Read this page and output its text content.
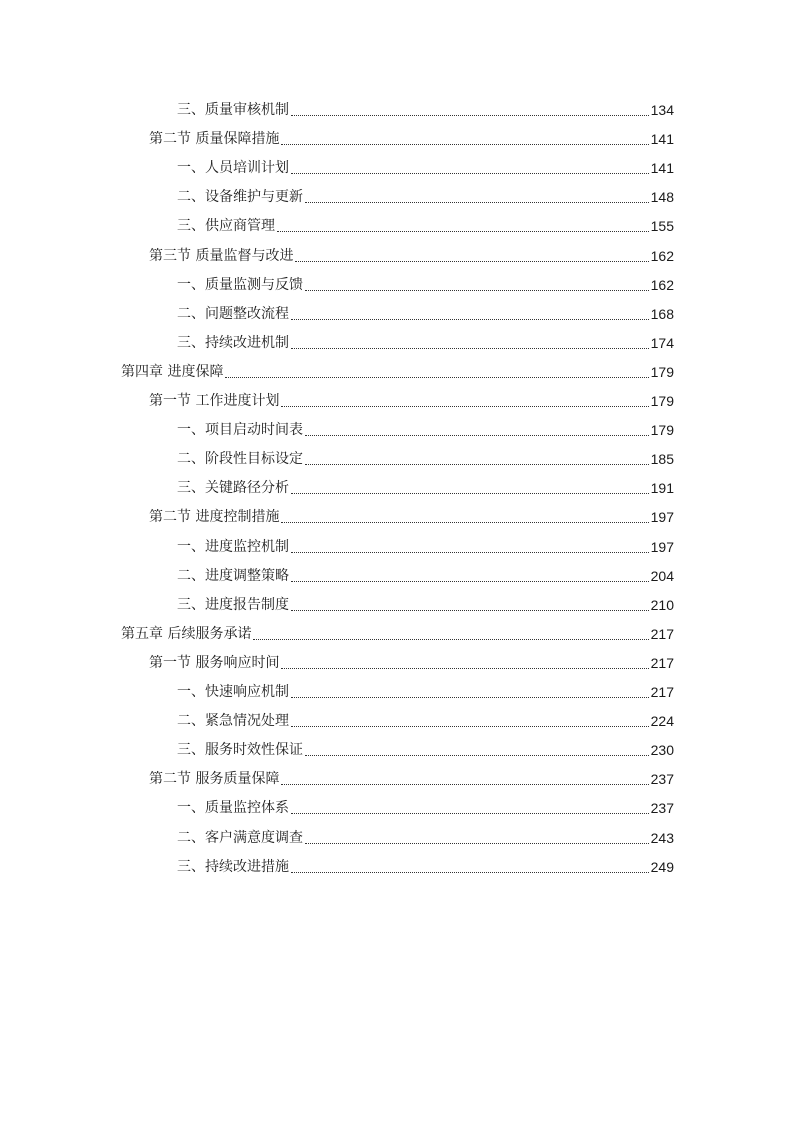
三、质量审核机制	134
第二节 质量保障措施	141
一、人员培训计划	141
二、设备维护与更新	148
三、供应商管理	155
第三节 质量监督与改进	162
一、质量监测与反馈	162
二、问题整改流程	168
三、持续改进机制	174
第四章 进度保障	179
第一节 工作进度计划	179
一、项目启动时间表	179
二、阶段性目标设定	185
三、关键路径分析	191
第二节 进度控制措施	197
一、进度监控机制	197
二、进度调整策略	204
三、进度报告制度	210
第五章 后续服务承诺	217
第一节 服务响应时间	217
一、快速响应机制	217
二、紧急情况处理	224
三、服务时效性保证	230
第二节 服务质量保障	237
一、质量监控体系	237
二、客户满意度调查	243
三、持续改进措施	249
